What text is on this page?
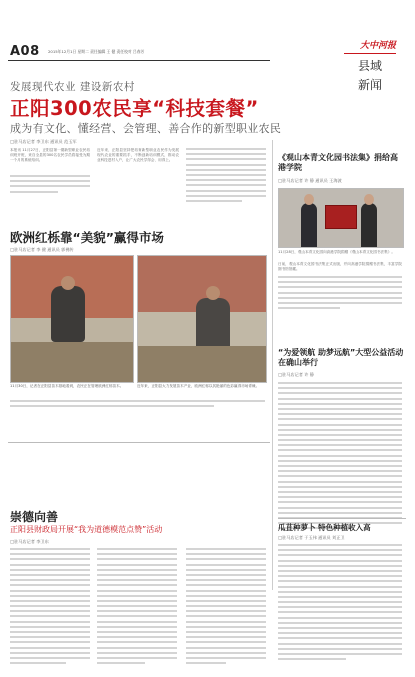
A08 2015年12月1日 星期二 责任编辑 王 健 责任校对 吕春芳
大中河报
县域
新闻
发展现代农业 建设新农村
正阳300农民享“科技套餐”
成为有文化、懂经营、会管理、善合作的新型职业农民
□驻马店记者 李卫东 通讯员 范玉军
本报讯 11月27日，正阳县第一期新型职业农民培训班开班，来自全县的300名农民学员将接受为期一个月的系统培训。
近年来，正阳县坚持把培育新型职业农民作为发展现代农业的重要抓手，不断创新培训模式，推动农业科技进村入户，让广大农民学得会、用得上。	《观山本青文化园书法集》捐给高港学院
□驻马店记者 许 静 通讯员 王海波
11月28日，观山本青文化园向高港学院捐赠《观山本青文化园书法集》。
日前，观山本青文化园书法集正式出版，并向高港学院捐赠书法集，丰富学院图书馆馆藏。
欧洲红栎靠“美貌”赢得市场
□驻马店记者 李 健 通讯员 郭佛传
11月30日，记者在正阳县苗木基地看到，农民正在管理欧洲红栎苗木。	近年来，正阳县大力发展苗木产业，欧洲红栎以其艳丽的色彩赢得市场青睐。
“为爱领航 助梦远航”大型公益活动在确山举行
□驻马店记者 许 静
崇德向善
正阳县财政局开展“我为道德模范点赞”活动
□驻马店记者 李卫东
瓜苴种萝卜 特色种植收入高
□驻马店记者 于玉伟 通讯员 刘正卫
